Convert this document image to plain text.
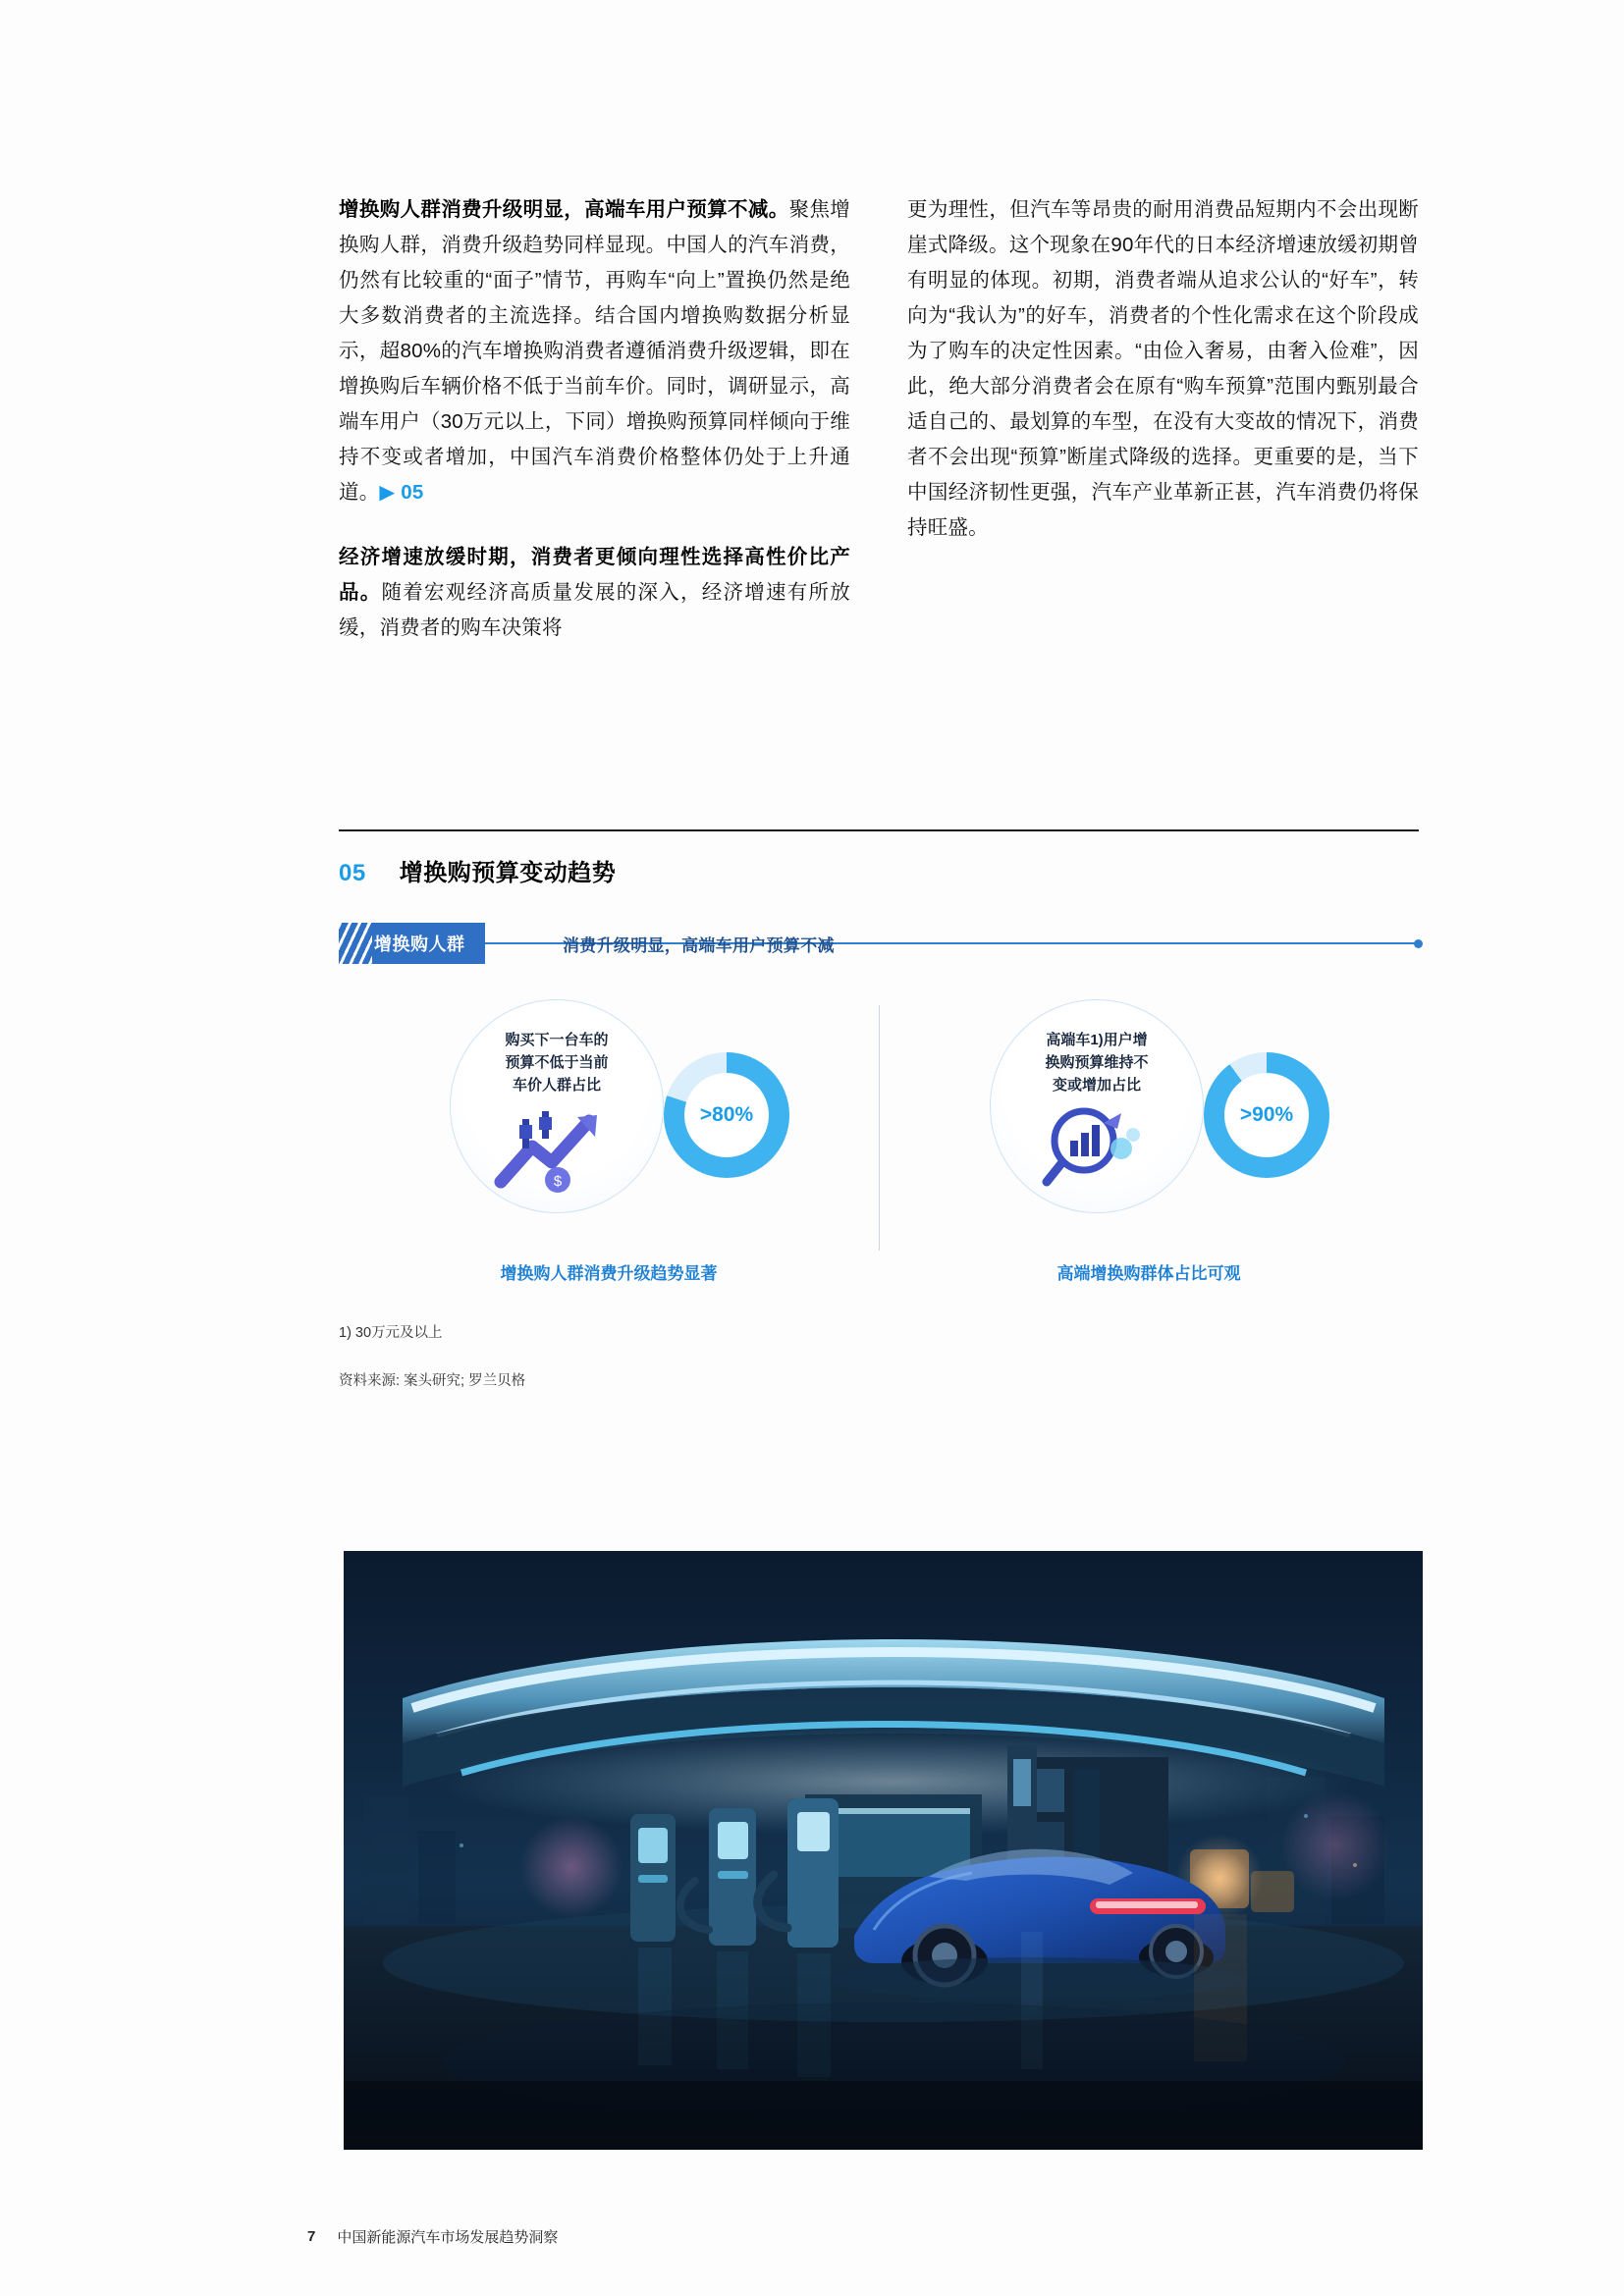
增换购人群消费升级明显，高端车用户预算不减。聚焦增换购人群，消费升级趋势同样显现。中国人的汽车消费，仍然有比较重的“面子”情节，再购车“向上”置换仍然是绝大多数消费者的主流选择。结合国内增换购数据分析显示，超80%的汽车增换购消费者遵循消费升级逻辑，即在增换购后车辆价格不低于当前车价。同时，调研显示，高端车用户（30万元以上，下同）增换购预算同样倾向于维持不变或者增加，中国汽车消费价格整体仍处于上升通道。▶ 05

经济增速放缓时期，消费者更倾向理性选择高性价比产品。随着宏观经济高质量发展的深入，经济增速有所放缓，消费者的购车决策将

更为理性，但汽车等昂贵的耐用消费品短期内不会出现断崖式降级。这个现象在90年代的日本经济增速放缓初期曾有明显的体现。初期，消费者端从追求公认的“好车”，转向为“我认为”的好车，消费者的个性化需求在这个阶段成为了购车的决定性因素。“由俭入奢易，由奢入俭难”，因此，绝大部分消费者会在原有“购车预算”范围内甄别最合适自己的、最划算的车型，在没有大变故的情况下，消费者不会出现“预算”断崖式降级的选择。更重要的是，当下中国经济韧性更强，汽车产业革新正甚，汽车消费仍将保持旺盛。

05 增换购预算变动趋势
增换购人群	消费升级明显，高端车用户预算不减
购买下一台车的
预算不低于当前
车价人群占比
$
>80%
增换购人群消费升级趋势显著
高端车1)用户增
换购预算维持不
变或增加占比
>90%
高端增换购群体占比可观
1) 30万元及以上
资料来源: 案头研究; 罗兰贝格
7 中国新能源汽车市场发展趋势洞察
